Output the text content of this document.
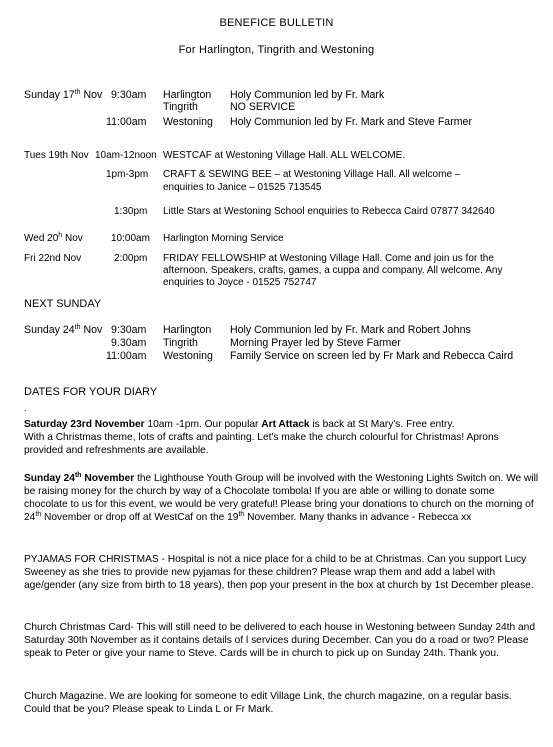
BENEFICE BULLETIN
For Harlington, Tingrith and Westoning
Sunday 17th Nov 9:30am Harlington Holy Communion led by Fr. Mark
Tingrith	NO SERVICE
11:00am Westoning Holy Communion led by Fr. Mark and Steve Farmer
Tues 19th Nov 10am-12noon WESTCAF at Westoning Village Hall. ALL WELCOME.
1pm-3pm CRAFT & SEWING BEE – at Westoning Village Hall. All welcome –
enquiries to Janice – 01525 713545
1:30pm Little Stars at Westoning School enquiries to Rebecca Caird 07877 342640
Wed 20$^h$ Nov	10:00am Harlington Morning Service
Fri 22nd Nov	2:00pm FRIDAY FELLOWSHIP at Westoning Village Hall. Come and join us for the
afternoon. Speakers, crafts, games, a cuppa and company. All welcome. Any
enquiries to Joyce - 01525 752747
NEXT SUNDAY
Sunday 24th Nov 9:30am Harlington Holy Communion led by Fr. Mark and Robert Johns
9.30am Tingrith	Morning Prayer led by Steve Farmer
11:00am Westoning Family Service on screen led by Fr Mark and Rebecca Caird
DATES FOR YOUR DIARY
.
Saturday 23rd November 10am -1pm. Our popular Art Attack is back at St Mary's. Free entry.
With a Christmas theme, lots of crafts and painting. Let's make the church colourful for Christmas! Aprons provided and refreshments are available.
Sunday 24th November the Lighthouse Youth Group will be involved with the Westoning Lights Switch on. We will be raising money for the church by way of a Chocolate tombola! If you are able or willing to donate some chocolate to us for this event, we would be very grateful! Please bring your donations to church on the morning of 24th November or drop off at WestCaf on the 19th November. Many thanks in advance - Rebecca xx
PYJAMAS FOR CHRISTMAS - Hospital is not a nice place for a child to be at Christmas. Can you support Lucy Sweeney as she tries to provide new pyjamas for these children? Please wrap them and add a label with age/gender (any size from birth to 18 years), then pop your present in the box at church by 1st December please.
Church Christmas Card- This will still need to be delivered to each house in Westoning between Sunday 24th and Saturday 30th November as it contains details of l services during December. Can you do a road or two? Please speak to Peter or give your name to Steve. Cards will be in church to pick up on Sunday 24th. Thank you.
Church Magazine. We are looking for someone to edit Village Link, the church magazine, on a regular basis. Could that be you? Please speak to Linda L or Fr Mark.
